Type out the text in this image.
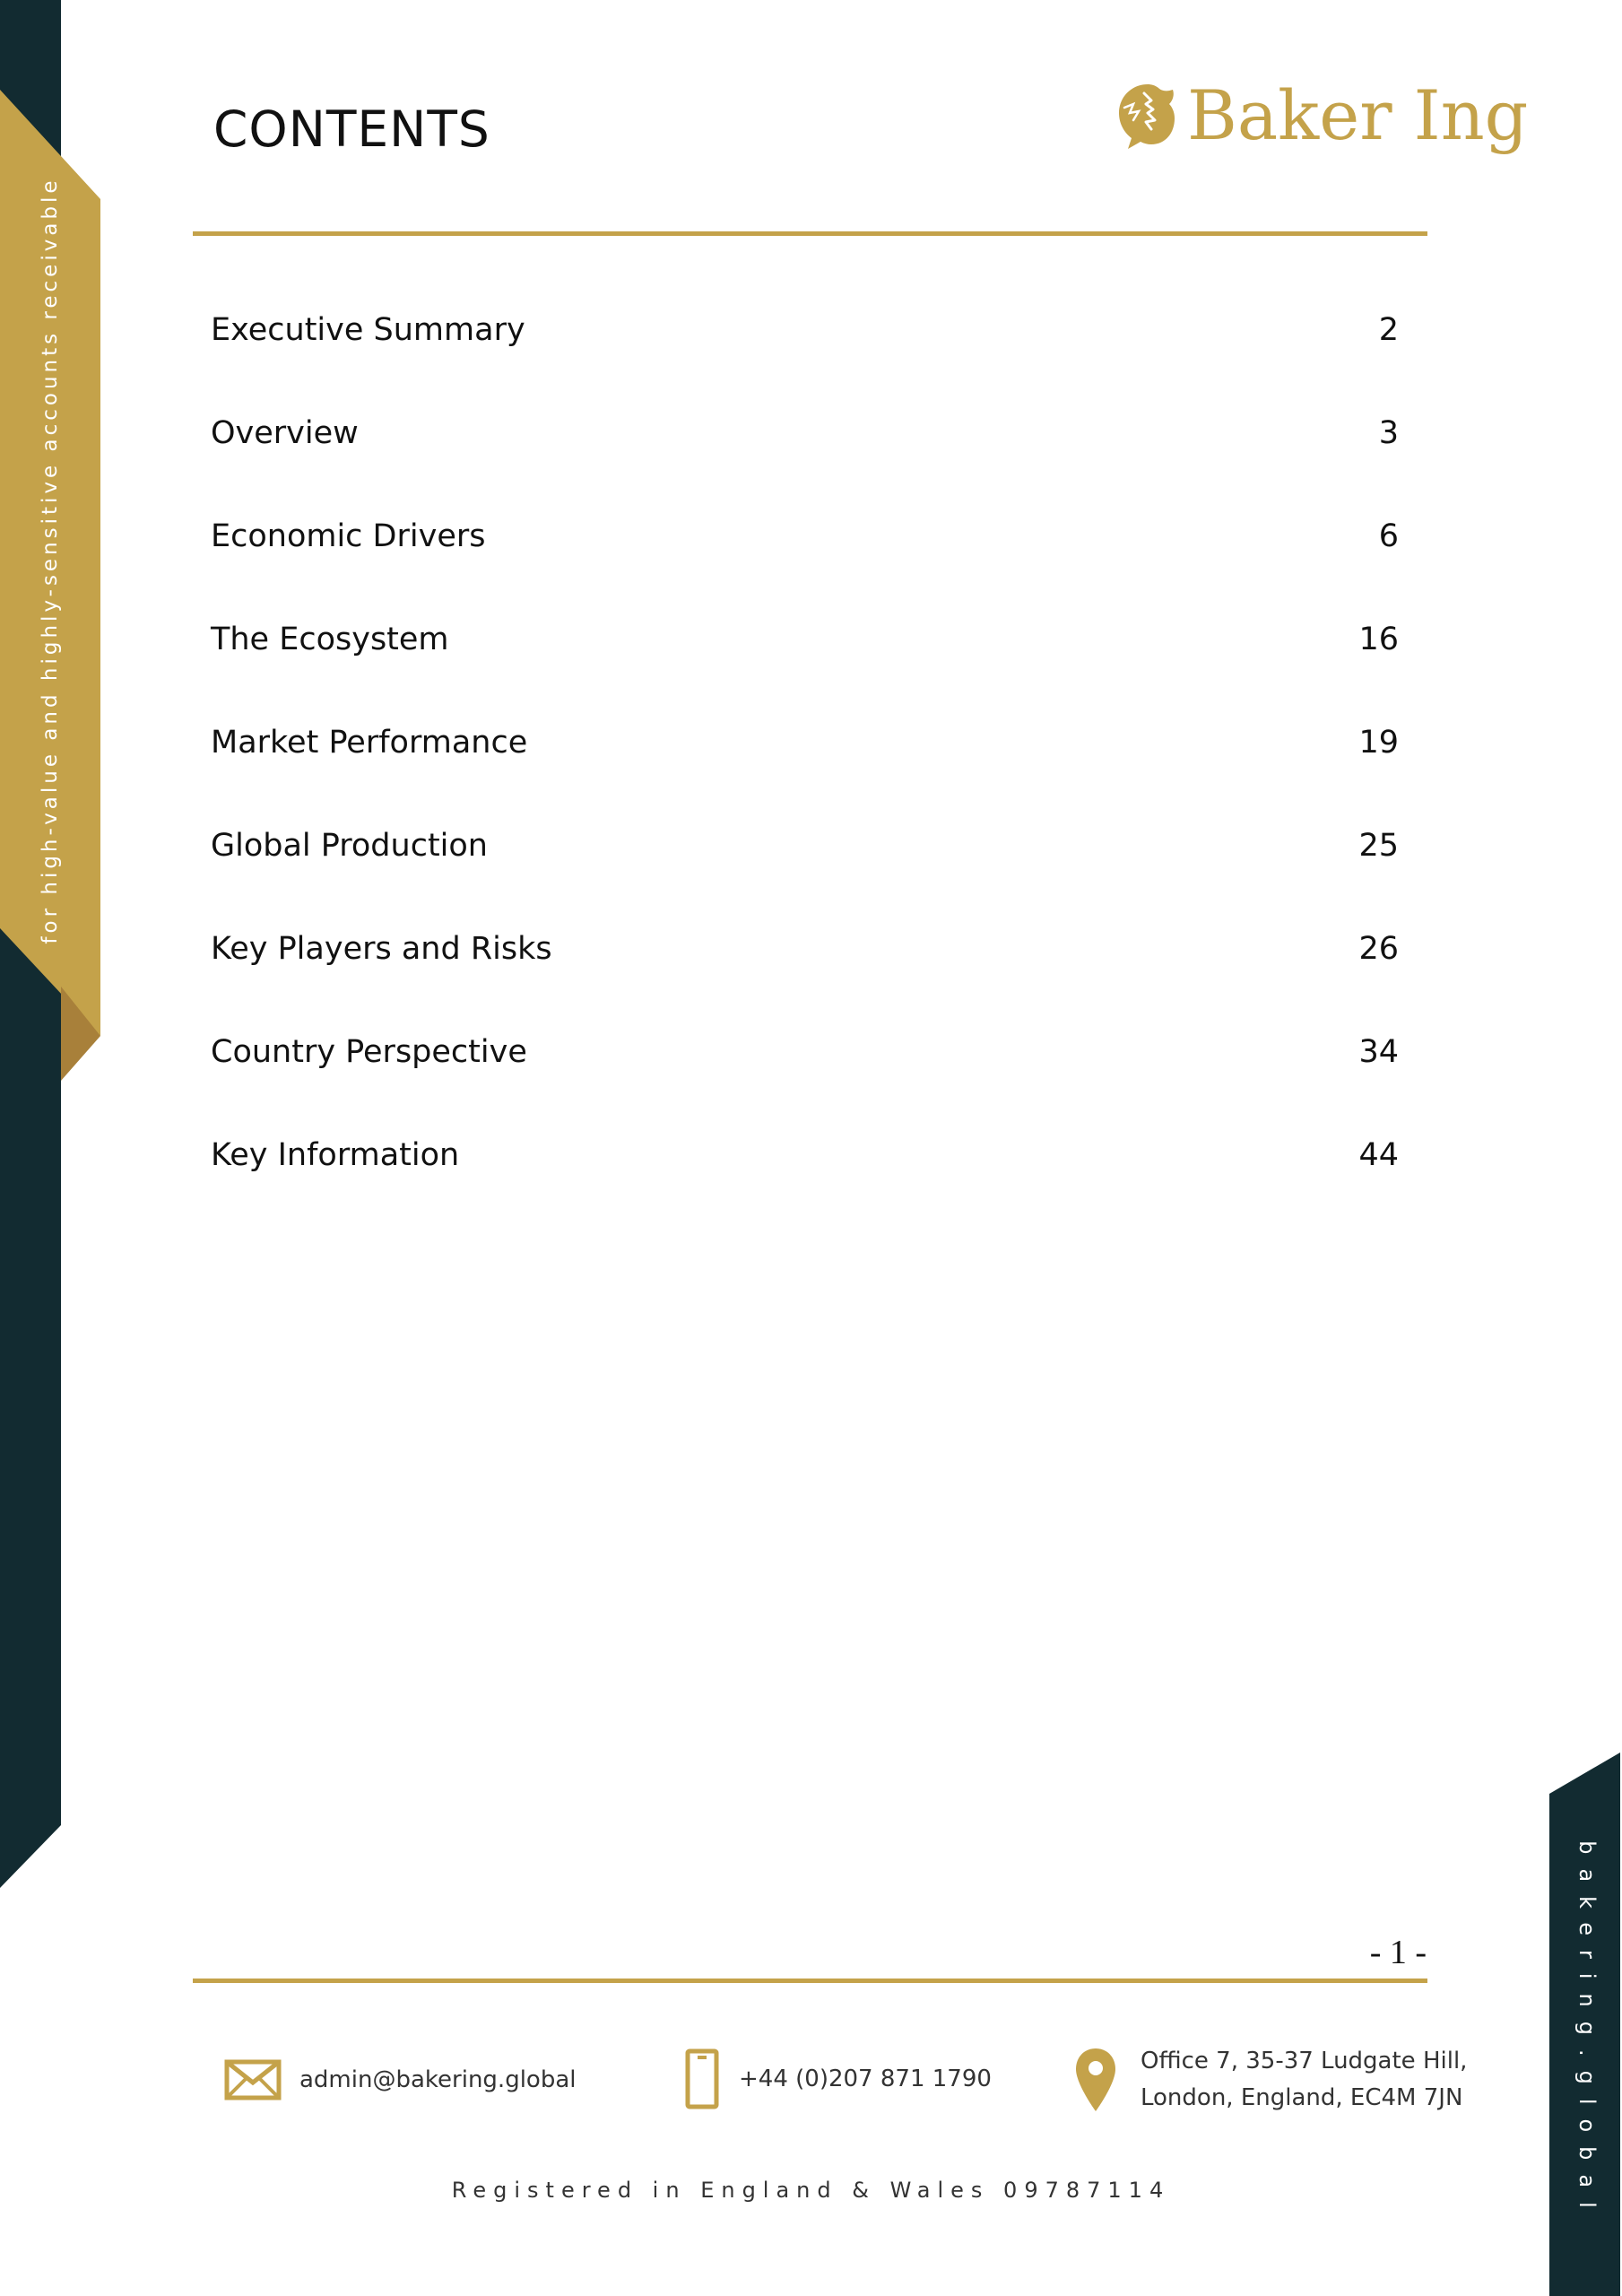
for high-value and highly-sensitive accounts receivable
CONTENTS	Baker Ing
Executive Summary	2
Overview	3
Economic Drivers	6
The Ecosystem	16
Market Performance	19
Global Production	25
Key Players and Risks	26
Country Perspective	34
Key Information	44
- 1 -
admin@bakering.global	+44 (0)207 871 1790
Office 7, 35-37 Ludgate Hill,
London, England, EC4M 7JN
Registered in England & Wales 09787114	bakering.global
